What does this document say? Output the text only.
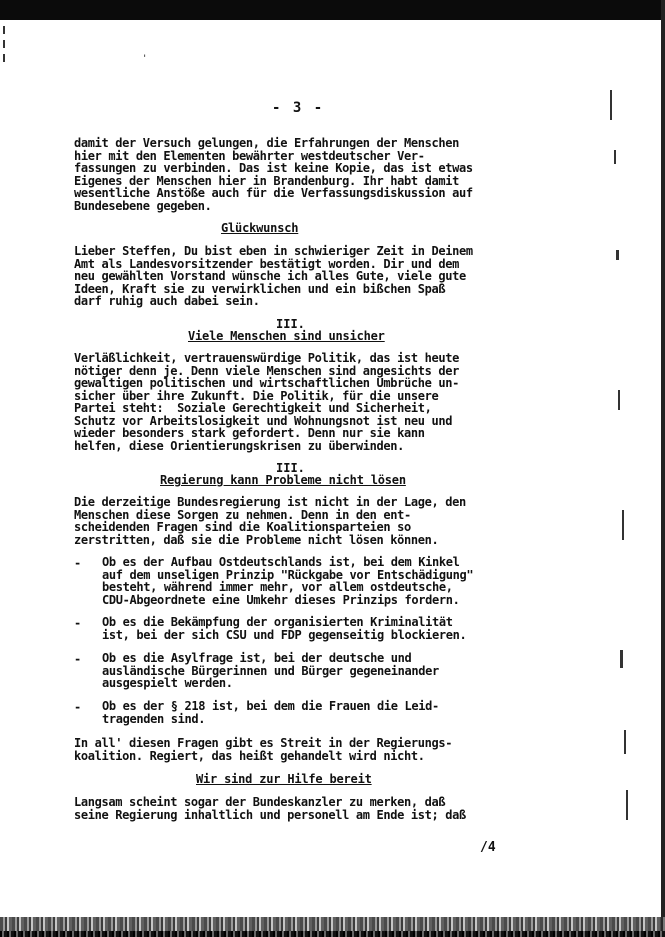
'
- 3 -
damit der Versuch gelungen, die Erfahrungen der Menschen
hier mit den Elementen bewährter westdeutscher Ver-
fassungen zu verbinden. Das ist keine Kopie, das ist etwas
Eigenes der Menschen hier in Brandenburg. Ihr habt damit
wesentliche Anstöße auch für die Verfassungsdiskussion auf
Bundesebene gegeben.
Glückwunsch
Lieber Steffen, Du bist eben in schwieriger Zeit in Deinem
Amt als Landesvorsitzender bestätigt worden. Dir und dem
neu gewählten Vorstand wünsche ich alles Gute, viele gute
Ideen, Kraft sie zu verwirklichen und ein bißchen Spaß
darf ruhig auch dabei sein.
III.
Viele Menschen sind unsicher
Verläßlichkeit, vertrauenswürdige Politik, das ist heute
nötiger denn je. Denn viele Menschen sind angesichts der
gewaltigen politischen und wirtschaftlichen Umbrüche un-
sicher über ihre Zukunft. Die Politik, für die unsere
Partei steht:  Soziale Gerechtigkeit und Sicherheit,
Schutz vor Arbeitslosigkeit und Wohnungsnot ist neu und
wieder besonders stark gefordert. Denn nur sie kann
helfen, diese Orientierungskrisen zu überwinden.
III.
Regierung kann Probleme nicht lösen
Die derzeitige Bundesregierung ist nicht in der Lage, den
Menschen diese Sorgen zu nehmen. Denn in den ent-
scheidenden Fragen sind die Koalitionsparteien so
zerstritten, daß sie die Probleme nicht lösen können.
- Ob es der Aufbau Ostdeutschlands ist, bei dem Kinkel
auf dem unseligen Prinzip "Rückgabe vor Entschädigung"
besteht, während immer mehr, vor allem ostdeutsche,
CDU-Abgeordnete eine Umkehr dieses Prinzips fordern.
- Ob es die Bekämpfung der organisierten Kriminalität
ist, bei der sich CSU und FDP gegenseitig blockieren.
- Ob es die Asylfrage ist, bei der deutsche und
ausländische Bürgerinnen und Bürger gegeneinander
ausgespielt werden.
- Ob es der § 218 ist, bei dem die Frauen die Leid-
tragenden sind.
In all' diesen Fragen gibt es Streit in der Regierungs-
koalition. Regiert, das heißt gehandelt wird nicht.
Wir sind zur Hilfe bereit
Langsam scheint sogar der Bundeskanzler zu merken, daß
seine Regierung inhaltlich und personell am Ende ist; daß
/4
